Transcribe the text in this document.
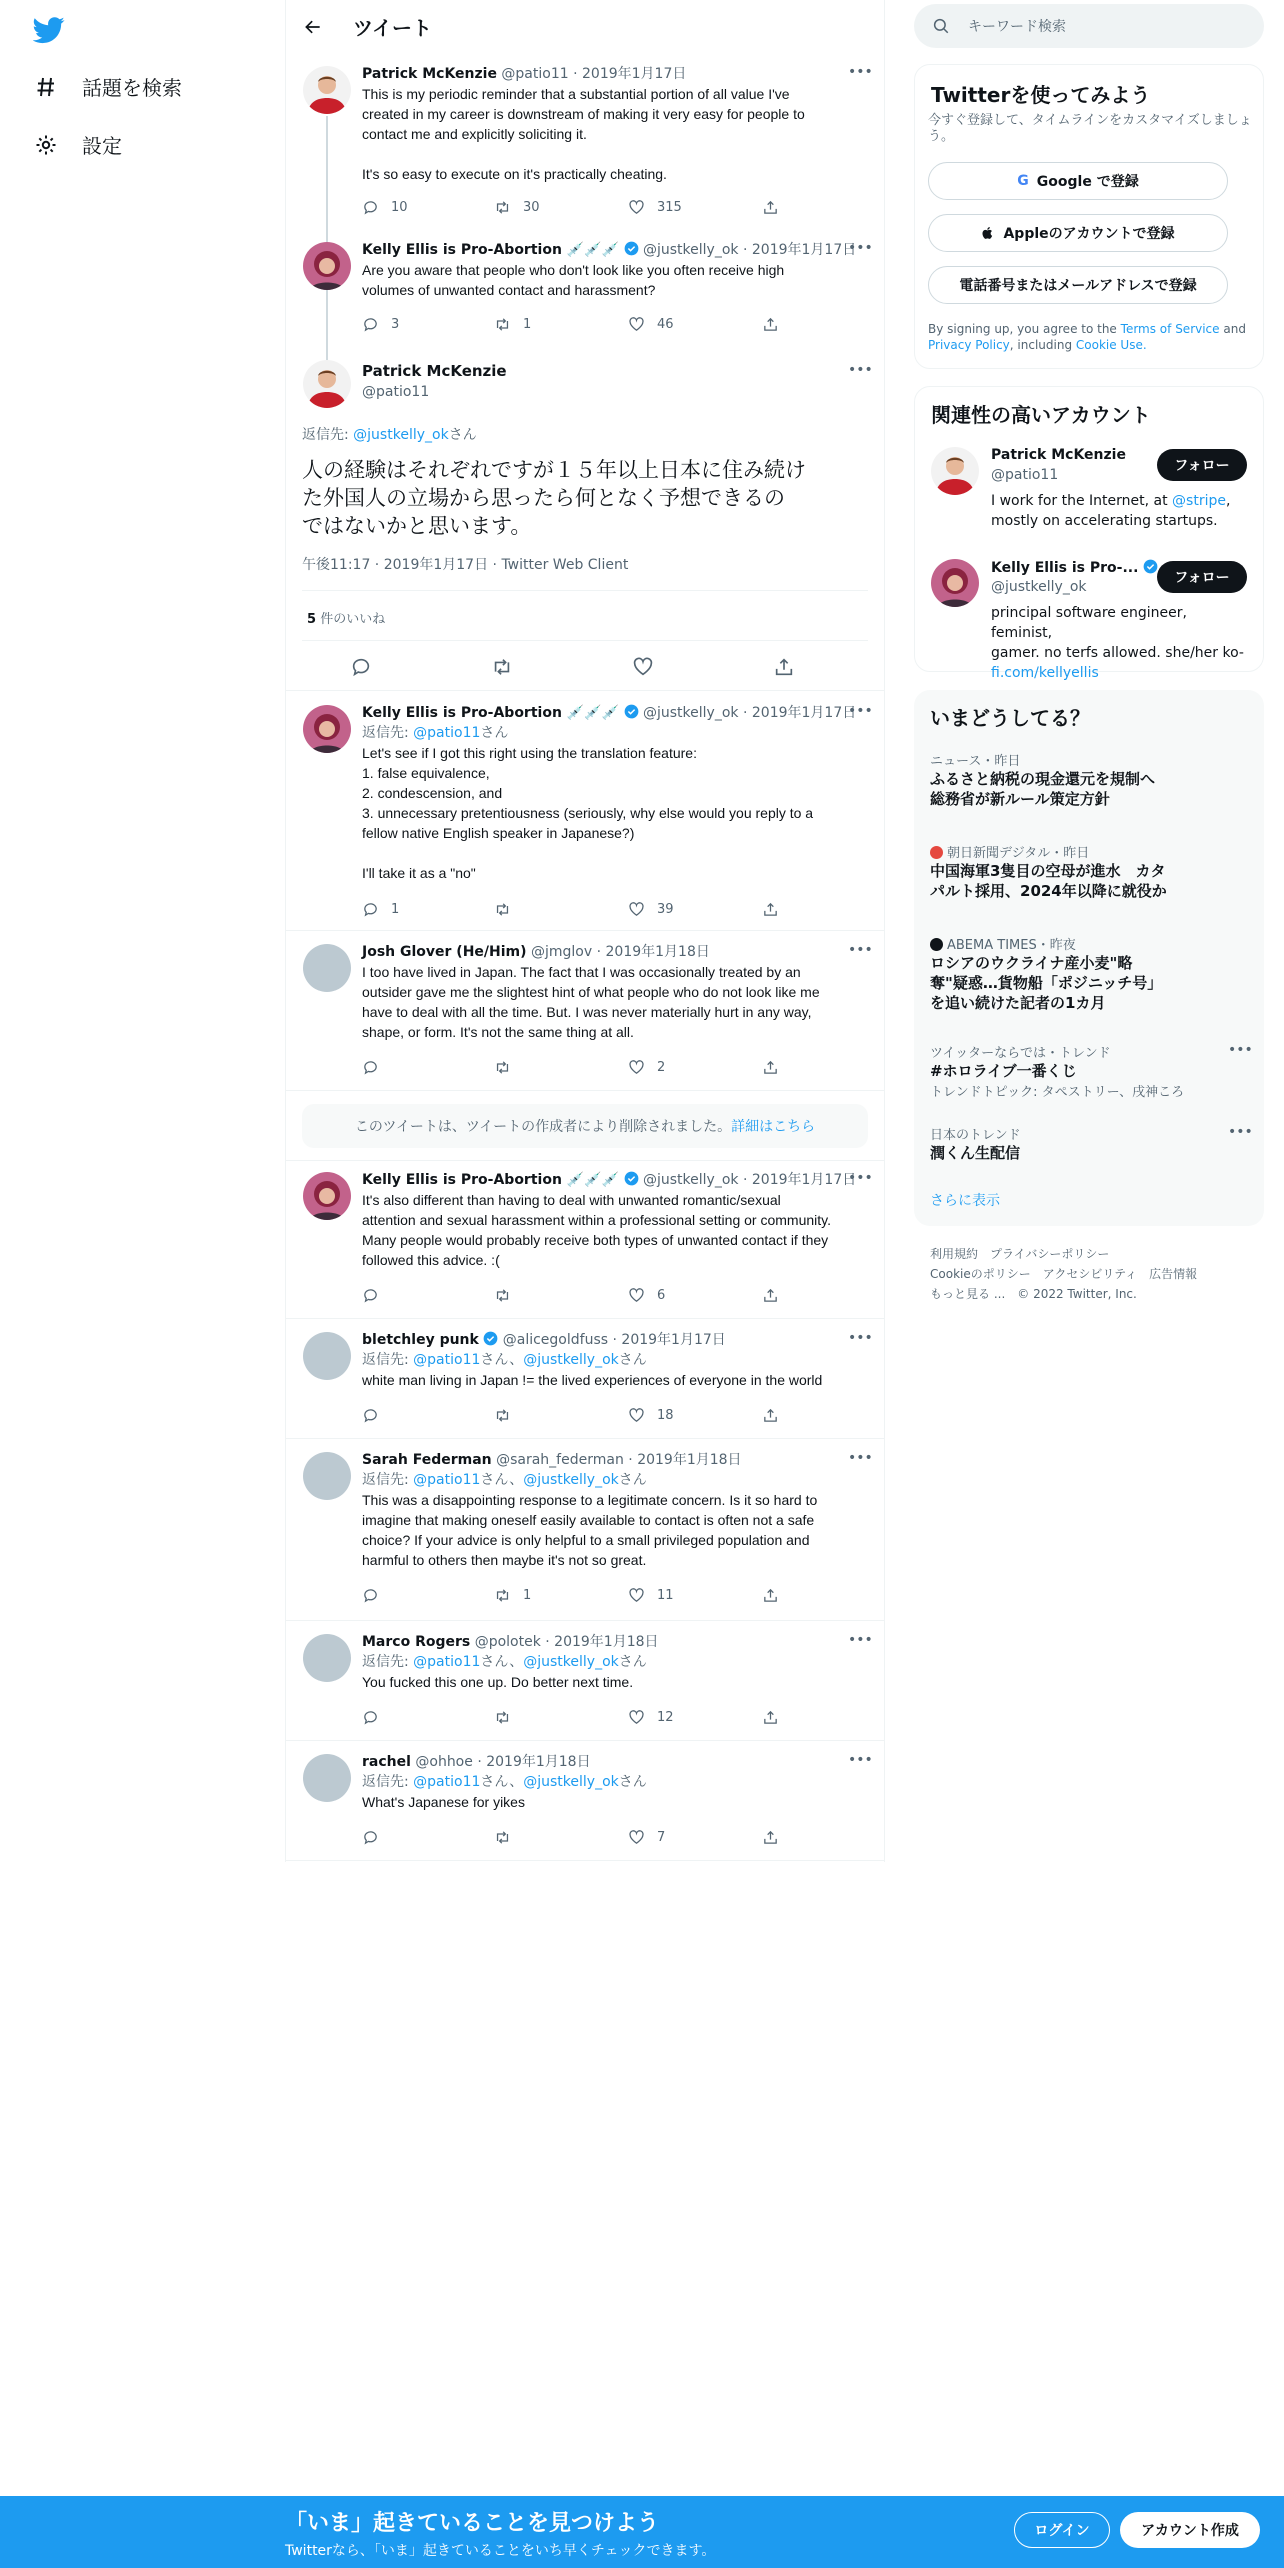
話題を検索
設定
ツイート
Patrick McKenzie @patio11 · 2019年1月17日
This is my periodic reminder that a substantial portion of all value I've
created in my career is downstream of making it very easy for people to
contact me and explicitly soliciting it.
It's so easy to execute on it's practically cheating.
•••
10	30	315
Kelly Ellis is Pro-Abortion 💉💉💉 @justkelly_ok · 2019年1月17日
Are you aware that people who don't look like you often receive high
volumes of unwanted contact and harassment?
•••
3	1	46
Patrick McKenzie
@patio11
•••
返信先: @justkelly_okさん
人の経験はそれぞれですが１５年以上日本に住み続け
た外国人の立場から思ったら何となく予想できるの
ではないかと思います。
午後11:17 · 2019年1月17日 · Twitter Web Client
5 件のいいね
Kelly Ellis is Pro-Abortion 💉💉💉 @justkelly_ok · 2019年1月17日
返信先: @patio11さん
Let's see if I got this right using the translation feature:
1. false equivalence,
2. condescension, and
3. unnecessary pretentiousness (seriously, why else would you reply to a
fellow native English speaker in Japanese?)
I'll take it as a "no"
•••
1	39
Josh Glover (He/Him) @jmglov · 2019年1月18日
I too have lived in Japan. The fact that I was occasionally treated by an
outsider gave me the slightest hint of what people who do not look like me
have to deal with all the time. But. I was never materially hurt in any way,
shape, or form. It's not the same thing at all.
•••
2
このツイートは、ツイートの作成者により削除されました。 詳細はこちら
Kelly Ellis is Pro-Abortion 💉💉💉 @justkelly_ok · 2019年1月17日
It's also different than having to deal with unwanted romantic/sexual
attention and sexual harassment within a professional setting or community.
Many people would probably receive both types of unwanted contact if they
followed this advice. :(
•••
6
bletchley punk @alicegoldfuss · 2019年1月17日
返信先: @patio11さん、@justkelly_okさん
white man living in Japan != the lived experiences of everyone in the world
•••
18
Sarah Federman @sarah_federman · 2019年1月18日
返信先: @patio11さん、@justkelly_okさん
This was a disappointing response to a legitimate concern. Is it so hard to
imagine that making oneself easily available to contact is often not a safe
choice? If your advice is only helpful to a small privileged population and
harmful to others then maybe it's not so great.
•••
1	11
Marco Rogers @polotek · 2019年1月18日
返信先: @patio11さん、@justkelly_okさん
You fucked this one up. Do better next time.
•••
12
rachel @ohhoe · 2019年1月18日
返信先: @patio11さん、@justkelly_okさん
What's Japanese for yikes
•••
7
キーワード検索
Twitterを使ってみよう
今すぐ登録して、タイムラインをカスタマイズしましょ
う。
G Google で登録
Appleのアカウントで登録
電話番号またはメールアドレスで登録
By signing up, you agree to the Terms of Service and
Privacy Policy, including Cookie Use.
関連性の高いアカウント
Patrick McKenzie
@patio11
フォロー
I work for the Internet, at @stripe,
mostly on accelerating startups.
Kelly Ellis is Pro-...
@justkelly_ok
フォロー
principal software engineer, feminist,
gamer. no terfs allowed. she/her ko-
fi.com/kellyellis
いまどうしてる？
ニュース・昨日
ふるさと納税の現金還元を規制へ
総務省が新ルール策定方針
朝日新聞デジタル・昨日
中国海軍3隻目の空母が進水　カタ
パルト採用、2024年以降に就役か
ABEMA TIMES・昨夜
ロシアのウクライナ産小麦"略
奪"疑惑…貨物船「ポジニッチ号」
を追い続けた記者の1カ月
ツイッターならでは・トレンド
#ホロライブ一番くじ
トレンドトピック: タペストリー、戌神ころ
•••
日本のトレンド
潤くん生配信
•••
さらに表示
利用規約　プライバシーポリシー
Cookieのポリシー　アクセシビリティ　広告情報
もっと見る ...　© 2022 Twitter, Inc.
「いま」起きていることを見つけよう
Twitterなら、「いま」起きていることをいち早くチェックできます。
ログイン	アカウント作成
